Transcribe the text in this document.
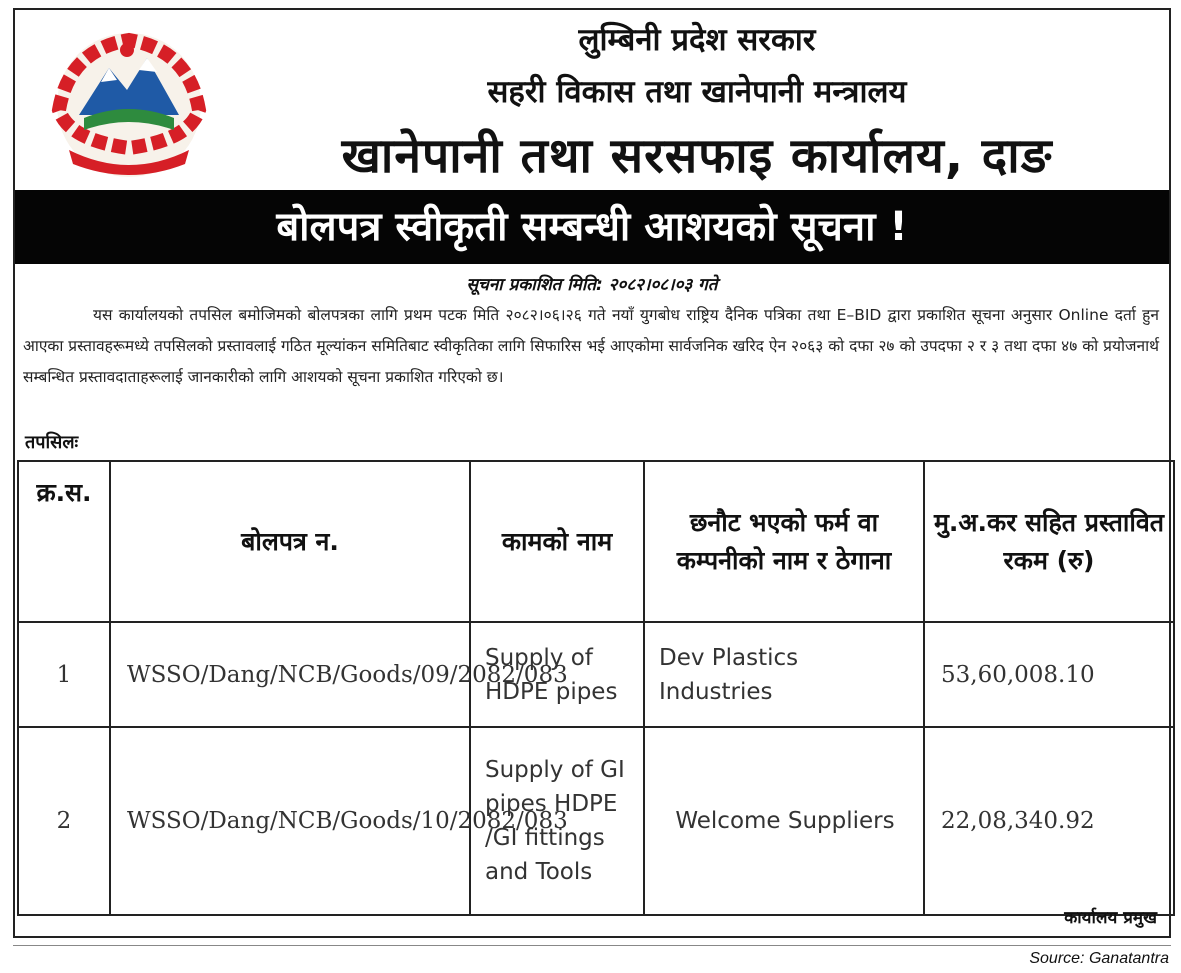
लुम्बिनी प्रदेश सरकार
सहरी विकास तथा खानेपानी मन्त्रालय
खानेपानी तथा सरसफाइ कार्यालय, दाङ
बोलपत्र स्वीकृती सम्बन्धी आशयको सूचना !
सूचना प्रकाशित मिति: २०८२।०८।०३ गते
यस कार्यालयको तपसिल बमोजिमको बोलपत्रका लागि प्रथम पटक मिति २०८२।०६।२६ गते नयाँ युगबोध राष्ट्रिय दैनिक पत्रिका तथा E–BID द्वारा प्रकाशित सूचना अनुसार Online दर्ता हुन आएका प्रस्तावहरूमध्ये तपसिलको प्रस्तावलाई गठित मूल्यांकन समितिबाट स्वीकृतिका लागि सिफारिस भई आएकोमा सार्वजनिक खरिद ऐन २०६३ को दफा २७ को उपदफा २ र ३ तथा दफा ४७ को प्रयोजनार्थ सम्बन्धित प्रस्तावदाताहरूलाई जानकारीको लागि आशयको सूचना प्रकाशित गरिएको छ।
तपसिलः
क्र.स.	बोलपत्र न.	कामको नाम	छनौट भएको फर्म वा कम्पनीको नाम र ठेगाना	मु.अ.कर सहित प्रस्तावित रकम (रु)
1	WSSO/Dang/NCB/Goods/09/2082/083	Supply of HDPE pipes	Dev Plastics Industries	53,60,008.10
2	WSSO/Dang/NCB/Goods/10/2082/083	Supply of GI pipes HDPE /GI fittings and Tools	Welcome Suppliers	22,08,340.92
कार्यालय प्रमुख
Source: Ganatantra
